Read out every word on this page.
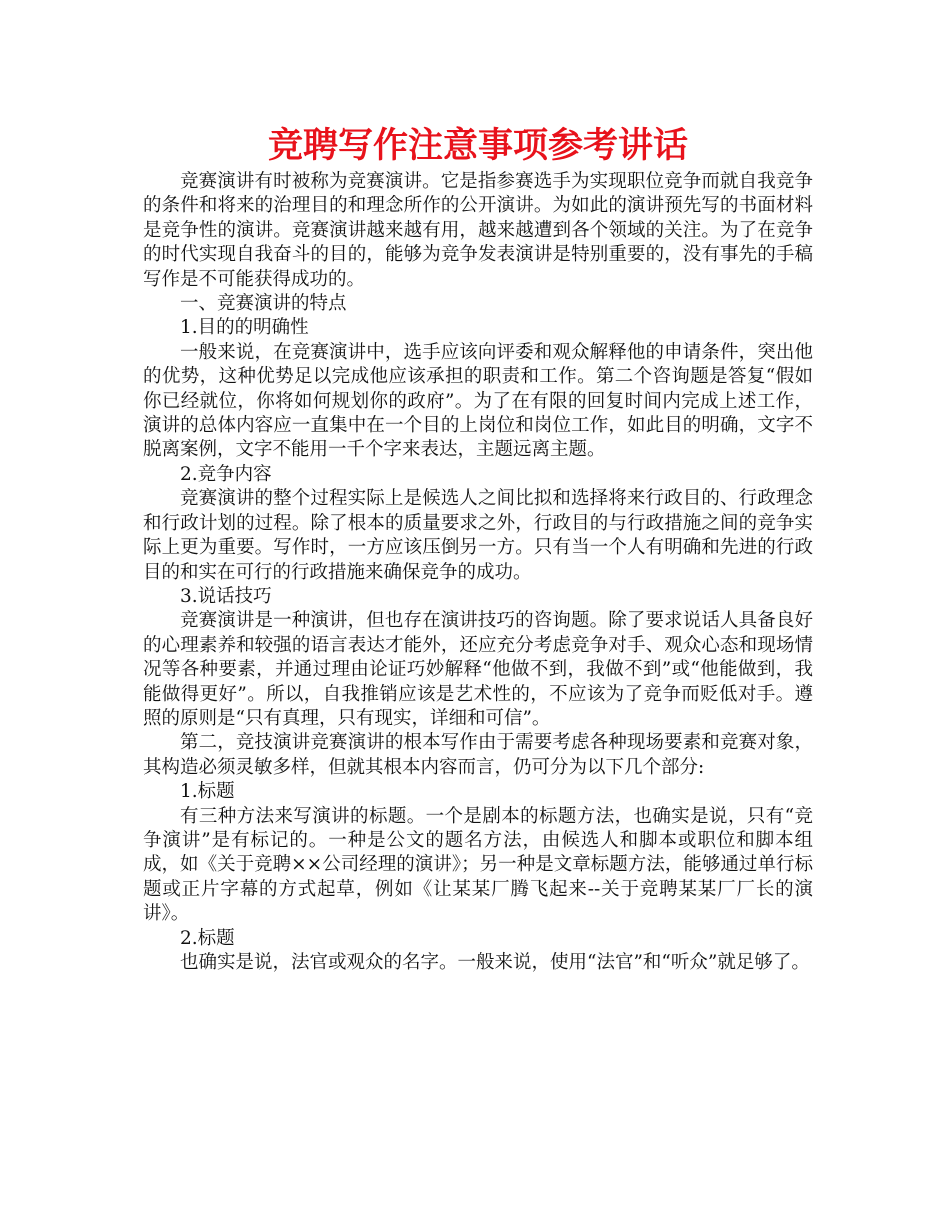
竞聘写作注意事项参考讲话

竞赛演讲有时被称为竞赛演讲。它是指参赛选手为实现职位竞争而就自我竞争的条件和将来的治理目的和理念所作的公开演讲。为如此的演讲预先写的书面材料是竞争性的演讲。竞赛演讲越来越有用，越来越遭到各个领域的关注。为了在竞争的时代实现自我奋斗的目的，能够为竞争发表演讲是特别重要的，没有事先的手稿写作是不可能获得成功的。

一、竞赛演讲的特点

1.目的的明确性

一般来说，在竞赛演讲中，选手应该向评委和观众解释他的申请条件，突出他的优势，这种优势足以完成他应该承担的职责和工作。第二个咨询题是答复“假如你已经就位，你将如何规划你的政府”。为了在有限的回复时间内完成上述工作，演讲的总体内容应一直集中在一个目的上岗位和岗位工作，如此目的明确，文字不脱离案例，文字不能用一千个字来表达，主题远离主题。

2.竞争内容

竞赛演讲的整个过程实际上是候选人之间比拟和选择将来行政目的、行政理念和行政计划的过程。除了根本的质量要求之外，行政目的与行政措施之间的竞争实际上更为重要。写作时，一方应该压倒另一方。只有当一个人有明确和先进的行政目的和实在可行的行政措施来确保竞争的成功。

3.说话技巧

竞赛演讲是一种演讲，但也存在演讲技巧的咨询题。除了要求说话人具备良好的心理素养和较强的语言表达才能外，还应充分考虑竞争对手、观众心态和现场情况等各种要素，并通过理由论证巧妙解释“他做不到，我做不到”或“他能做到，我能做得更好”。所以，自我推销应该是艺术性的，不应该为了竞争而贬低对手。遵照的原则是“只有真理，只有现实，详细和可信”。

第二，竞技演讲竞赛演讲的根本写作由于需要考虑各种现场要素和竞赛对象，其构造必须灵敏多样，但就其根本内容而言，仍可分为以下几个部分:

1.标题

有三种方法来写演讲的标题。一个是剧本的标题方法，也确实是说，只有“竞争演讲”是有标记的。一种是公文的题名方法，由候选人和脚本或职位和脚本组成，如《关于竞聘××公司经理的演讲》；另一种是文章标题方法，能够通过单行标题或正片字幕的方式起草，例如《让某某厂腾飞起来--关于竞聘某某厂厂长的演讲》。

2.标题

也确实是说，法官或观众的名字。一般来说，使用“法官”和“听众”就足够了。
